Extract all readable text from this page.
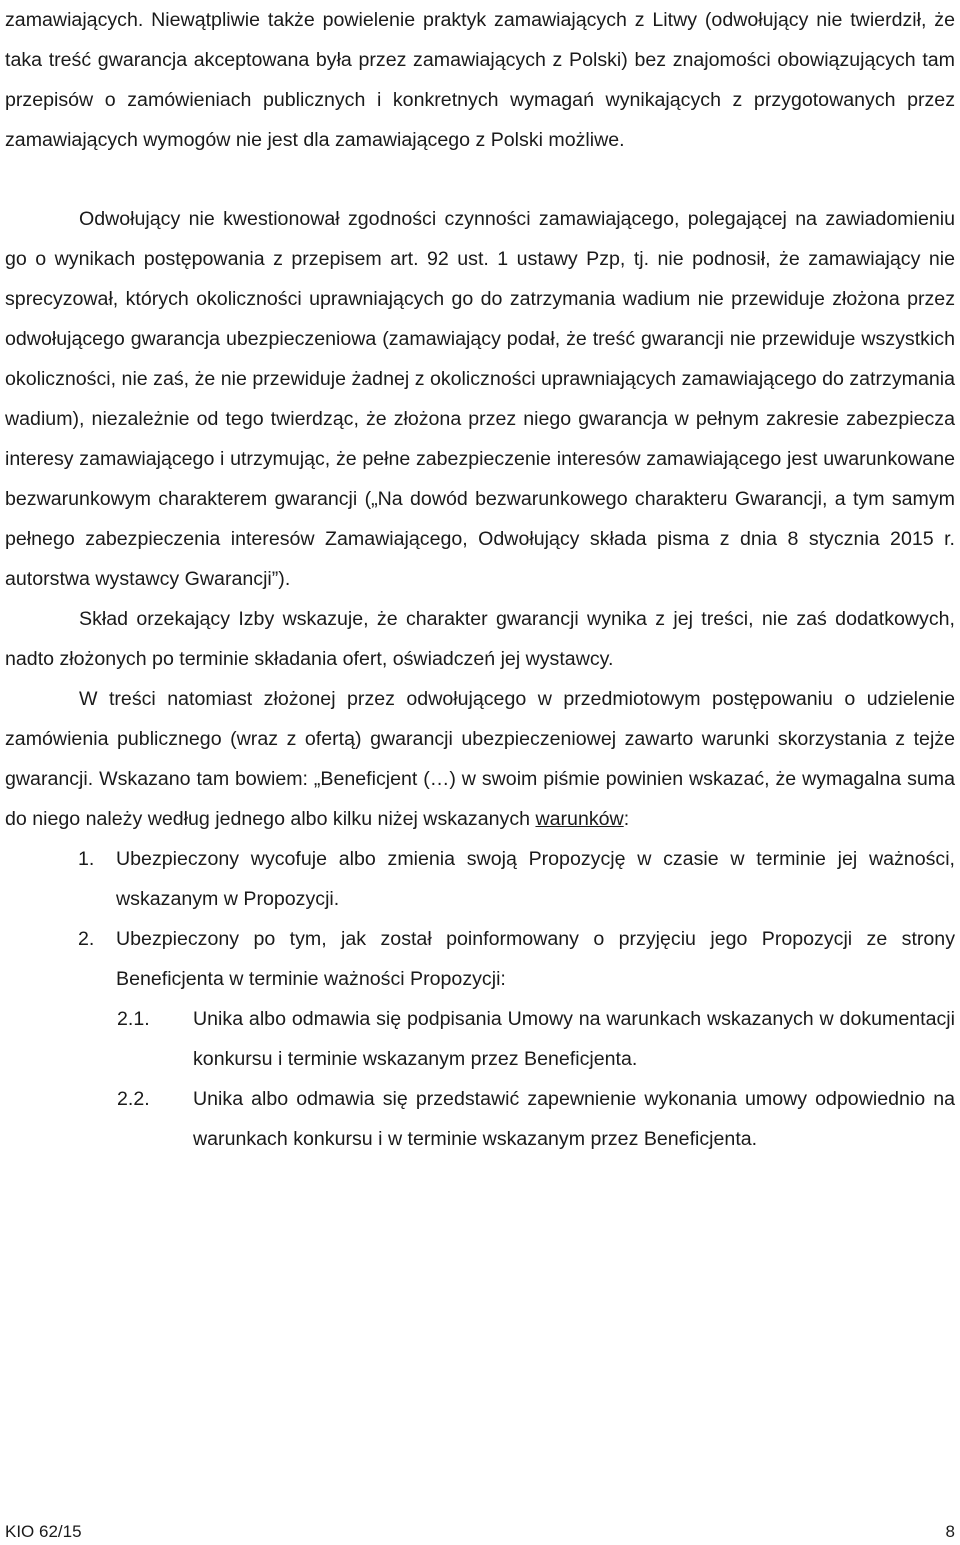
zamawiających. Niewątpliwie także powielenie praktyk zamawiających z Litwy (odwołujący nie twierdził, że taka treść gwarancja akceptowana była przez zamawiających z Polski) bez znajomości obowiązujących tam przepisów o zamówieniach publicznych i konkretnych wymagań wynikających z przygotowanych przez zamawiających wymogów nie jest dla zamawiającego z Polski możliwe.

Odwołujący nie kwestionował zgodności czynności zamawiającego, polegającej na zawiadomieniu go o wynikach postępowania z przepisem art. 92 ust. 1 ustawy Pzp, tj. nie podnosił, że zamawiający nie sprecyzował, których okoliczności uprawniających go do zatrzymania wadium nie przewiduje złożona przez odwołującego gwarancja ubezpieczeniowa (zamawiający podał, że treść gwarancji nie przewiduje wszystkich okoliczności, nie zaś, że nie przewiduje żadnej z okoliczności uprawniających zamawiającego do zatrzymania wadium), niezależnie od tego twierdząc, że złożona przez niego gwarancja w pełnym zakresie zabezpiecza interesy zamawiającego i utrzymując, że pełne zabezpieczenie interesów zamawiającego jest uwarunkowane bezwarunkowym charakterem gwarancji („Na dowód bezwarunkowego charakteru Gwarancji, a tym samym pełnego zabezpieczenia interesów Zamawiającego, Odwołujący składa pisma z dnia 8 stycznia 2015 r. autorstwa wystawcy Gwarancji”).

Skład orzekający Izby wskazuje, że charakter gwarancji wynika z jej treści, nie zaś dodatkowych, nadto złożonych po terminie składania ofert, oświadczeń jej wystawcy.

W treści natomiast złożonej przez odwołującego w przedmiotowym postępowaniu o udzielenie zamówienia publicznego (wraz z ofertą) gwarancji ubezpieczeniowej zawarto warunki skorzystania z tejże gwarancji. Wskazano tam bowiem: „Beneficjent (…) w swoim piśmie powinien wskazać, że wymagalna suma do niego należy według jednego albo kilku niżej wskazanych warunków:

1.	Ubezpieczony wycofuje albo zmienia swoją Propozycję w czasie w terminie jej ważności, wskazanym w Propozycji.
2.	Ubezpieczony po tym, jak został poinformowany o przyjęciu jego Propozycji ze strony Beneficjenta w terminie ważności Propozycji:
2.1.	Unika albo odmawia się podpisania Umowy na warunkach wskazanych w dokumentacji konkursu i terminie wskazanym przez Beneficjenta.
2.2.	Unika albo odmawia się przedstawić zapewnienie wykonania umowy odpowiednio na warunkach konkursu i w terminie wskazanym przez Beneficjenta.
KIO 62/15	8
